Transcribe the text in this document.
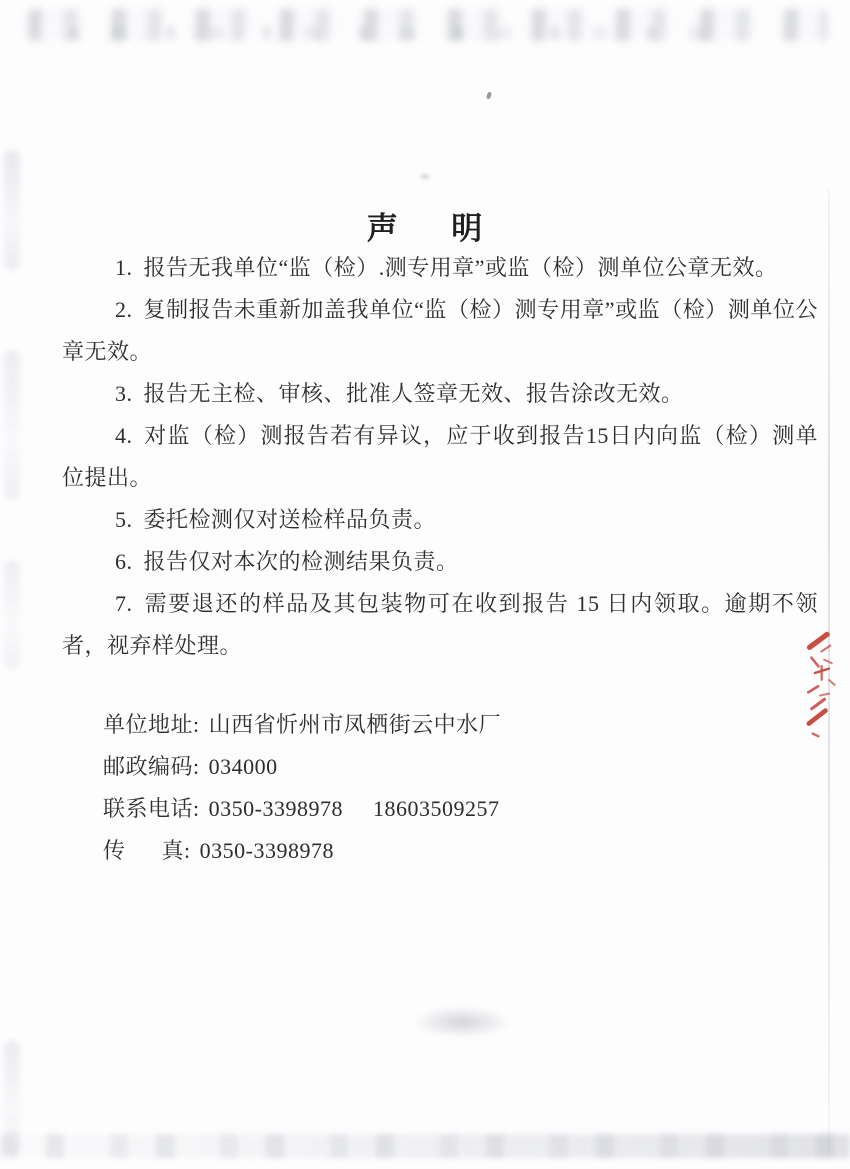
声      明

1. 报告无我单位“监（检）.测专用章”或监（检）测单位公章无效。

2. 复制报告未重新加盖我单位“监（检）测专用章”或监（检）测单位公章无效。

3. 报告无主检、审核、批准人签章无效、报告涂改无效。

4. 对监（检）测报告若有异议，应于收到报告15日内向监（检）测单位提出。

5. 委托检测仅对送检样品负责。

6. 报告仅对本次的检测结果负责。

7. 需要退还的样品及其包装物可在收到报告 15 日内领取。逾期不领者，视弃样处理。

单位地址: 山西省忻州市凤栖街云中水厂
邮政编码: 034000
联系电话: 0350-3398978     18603509257
传      真: 0350-3398978
